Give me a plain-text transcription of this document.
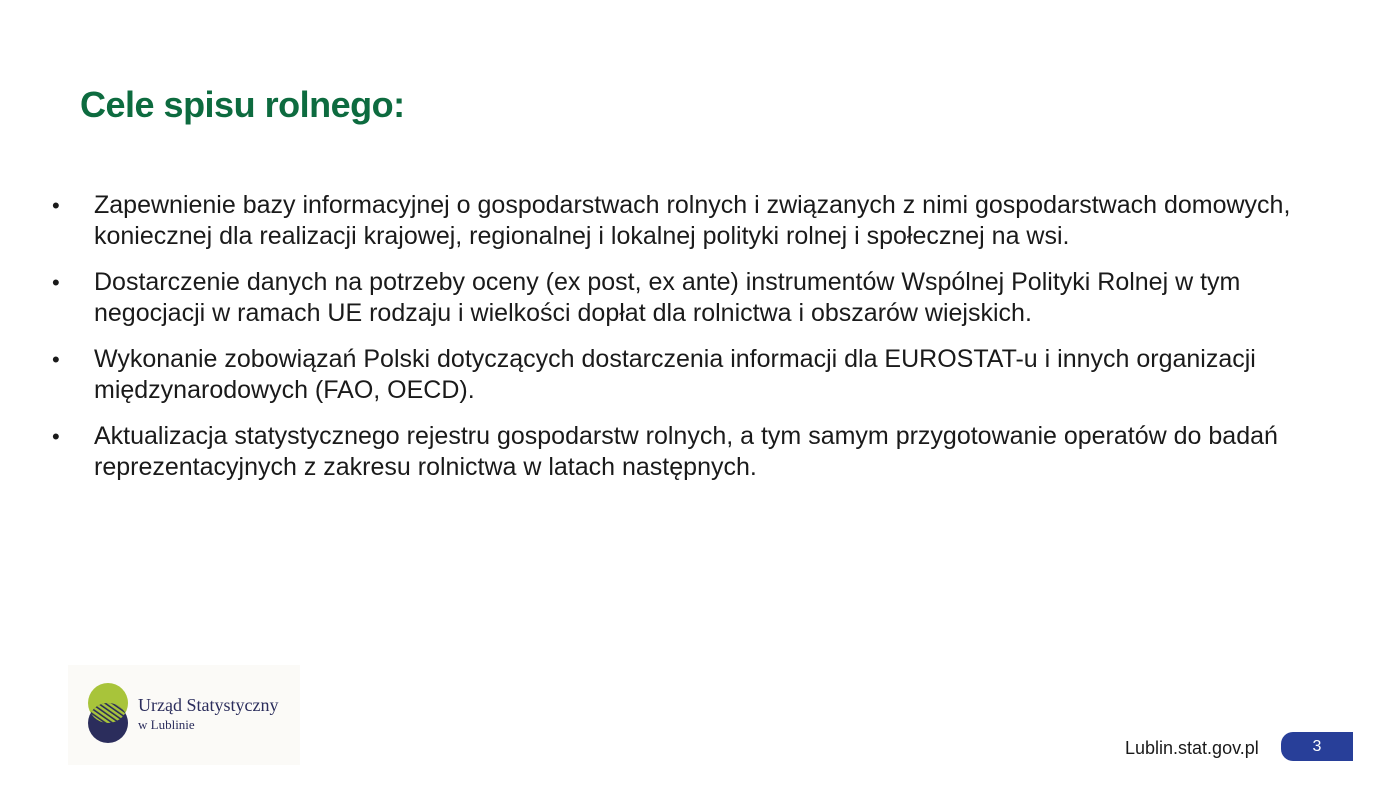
Cele spisu rolnego:
• Zapewnienie bazy informacyjnej o gospodarstwach rolnych i związanych z nimi gospodarstwach domowych, koniecznej dla realizacji krajowej, regionalnej i lokalnej polityki rolnej i społecznej na wsi.
• Dostarczenie danych na potrzeby oceny (ex post, ex ante) instrumentów Wspólnej Polityki Rolnej w tym negocjacji w ramach UE rodzaju i wielkości dopłat dla rolnictwa i obszarów wiejskich.
• Wykonanie zobowiązań Polski dotyczących dostarczenia informacji dla EUROSTAT-u i innych organizacji międzynarodowych (FAO, OECD).
• Aktualizacja statystycznego rejestru gospodarstw rolnych, a tym samym przygotowanie operatów do badań reprezentacyjnych z zakresu rolnictwa w latach następnych.
Urząd Statystyczny
w Lublinie
Lublin.stat.gov.pl	3
